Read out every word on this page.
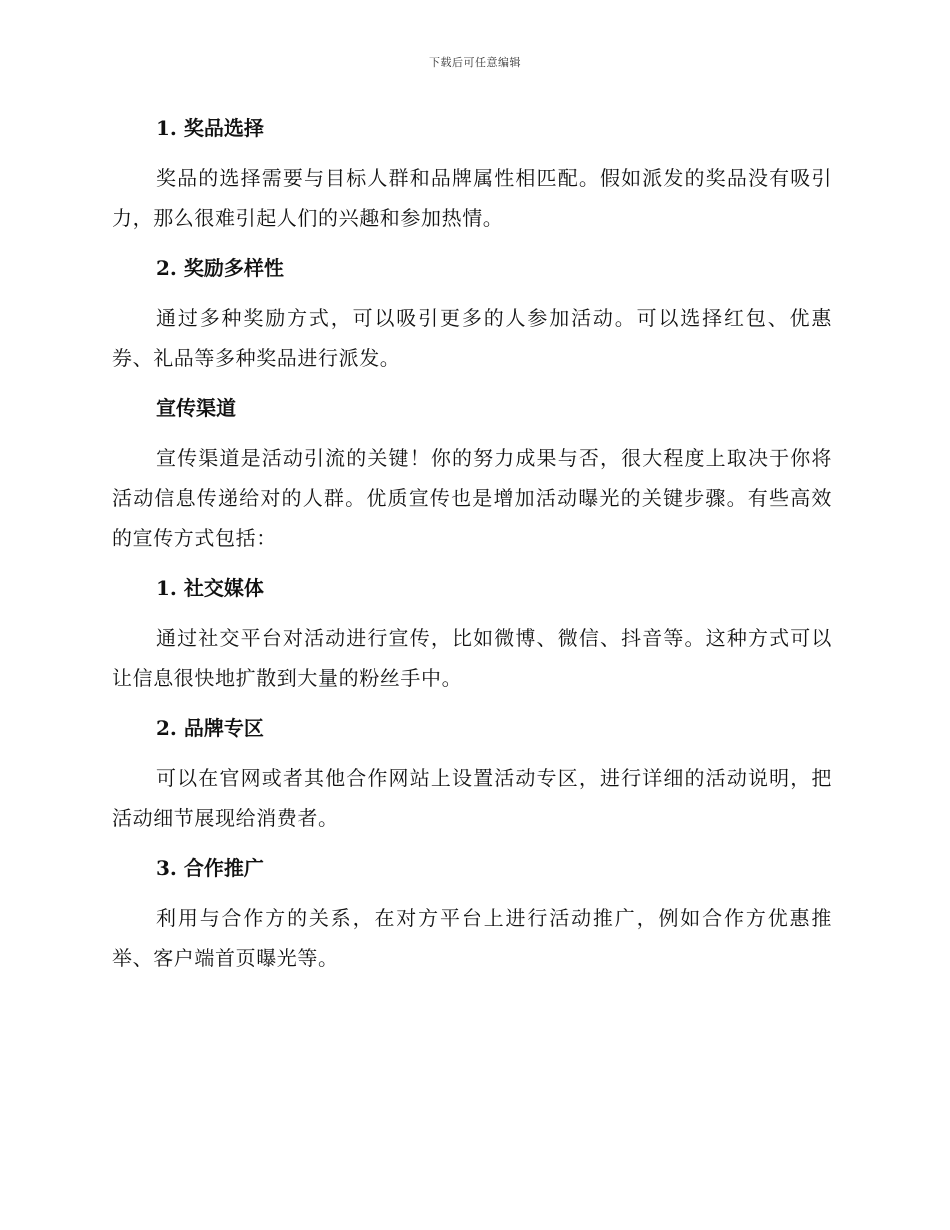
下载后可任意编辑
1. 奖品选择

奖品的选择需要与目标人群和品牌属性相匹配。假如派发的奖品没有吸引力，那么很难引起人们的兴趣和参加热情。

2. 奖励多样性

通过多种奖励方式，可以吸引更多的人参加活动。可以选择红包、优惠券、礼品等多种奖品进行派发。

宣传渠道

宣传渠道是活动引流的关键！你的努力成果与否，很大程度上取决于你将活动信息传递给对的人群。优质宣传也是增加活动曝光的关键步骤。有些高效的宣传方式包括：

1. 社交媒体

通过社交平台对活动进行宣传，比如微博、微信、抖音等。这种方式可以让信息很快地扩散到大量的粉丝手中。

2. 品牌专区

可以在官网或者其他合作网站上设置活动专区，进行详细的活动说明，把活动细节展现给消费者。

3. 合作推广

利用与合作方的关系，在对方平台上进行活动推广，例如合作方优惠推举、客户端首页曝光等。
